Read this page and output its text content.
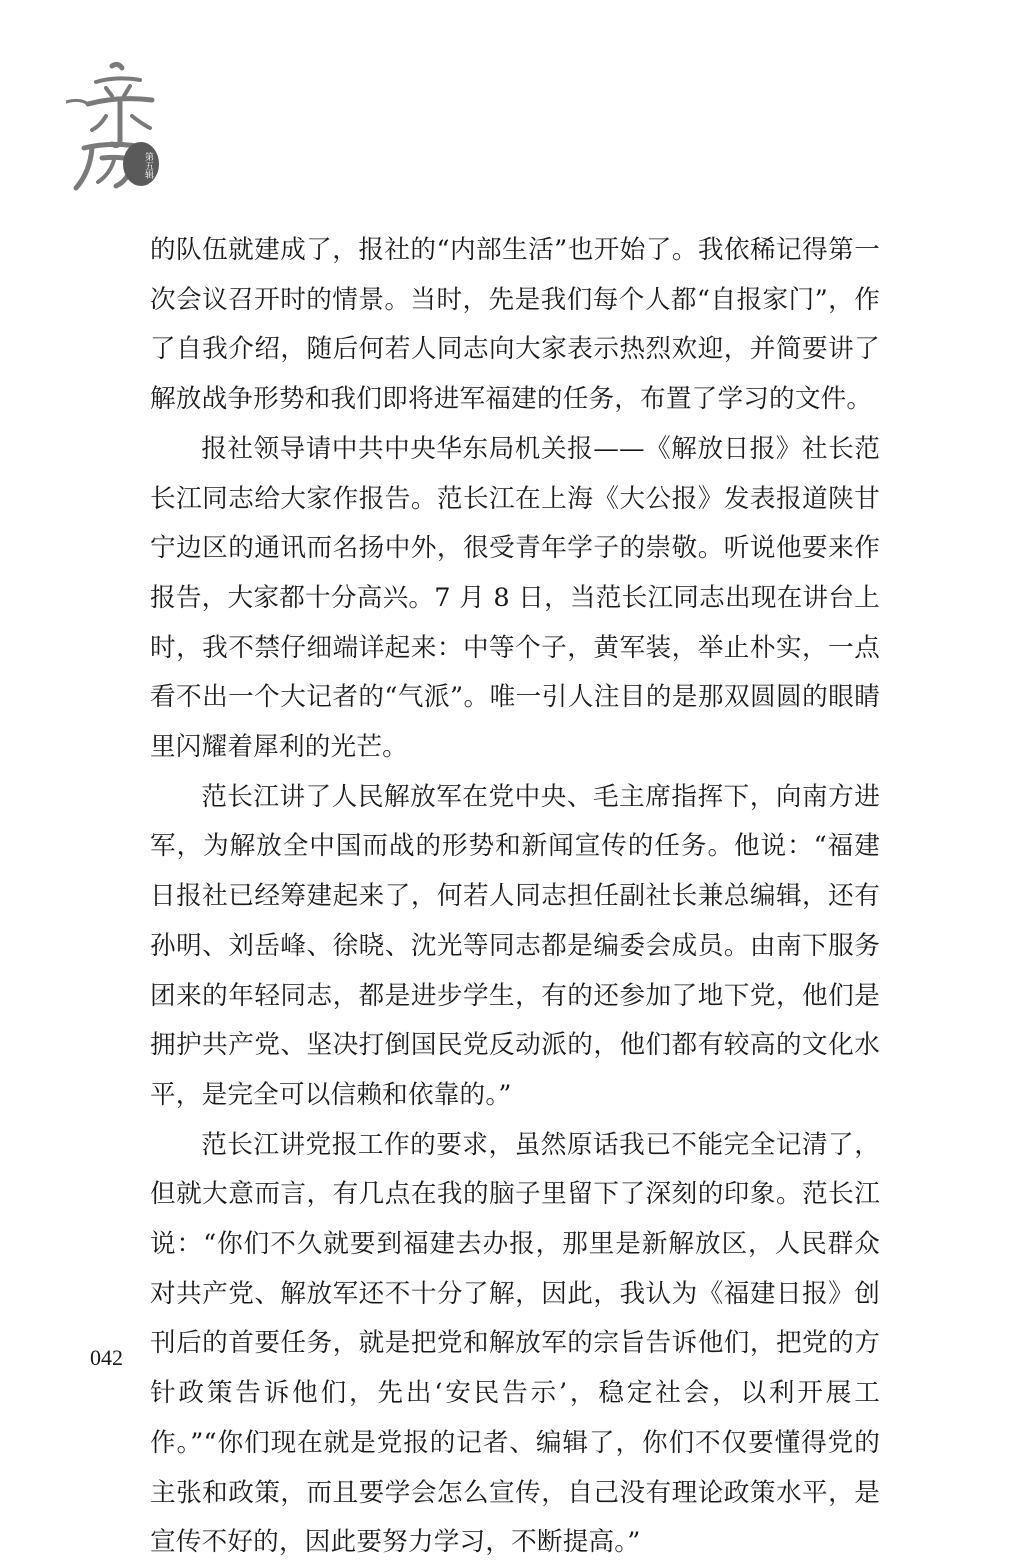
第五辑

的队伍就建成了，报社的“内部生活”也开始了。我依稀记得第一次会议召开时的情景。当时，先是我们每个人都“自报家门”，作了自我介绍，随后何若人同志向大家表示热烈欢迎，并简要讲了解放战争形势和我们即将进军福建的任务，布置了学习的文件。

报社领导请中共中央华东局机关报——《解放日报》社长范长江同志给大家作报告。范长江在上海《大公报》发表报道陕甘宁边区的通讯而名扬中外，很受青年学子的崇敬。听说他要来作报告，大家都十分高兴。7 月 8 日，当范长江同志出现在讲台上时，我不禁仔细端详起来：中等个子，黄军装，举止朴实，一点看不出一个大记者的“气派”。唯一引人注目的是那双圆圆的眼睛里闪耀着犀利的光芒。

范长江讲了人民解放军在党中央、毛主席指挥下，向南方进军，为解放全中国而战的形势和新闻宣传的任务。他说：“福建日报社已经筹建起来了，何若人同志担任副社长兼总编辑，还有孙明、刘岳峰、徐晓、沈光等同志都是编委会成员。由南下服务团来的年轻同志，都是进步学生，有的还参加了地下党，他们是拥护共产党、坚决打倒国民党反动派的，他们都有较高的文化水平，是完全可以信赖和依靠的。”

范长江讲党报工作的要求，虽然原话我已不能完全记清了，但就大意而言，有几点在我的脑子里留下了深刻的印象。范长江说：“你们不久就要到福建去办报，那里是新解放区，人民群众对共产党、解放军还不十分了解，因此，我认为《福建日报》创刊后的首要任务，就是把党和解放军的宗旨告诉他们，把党的方针政策告诉他们，先出‘安民告示’，稳定社会，以利开展工作。”“你们现在就是党报的记者、编辑了，你们不仅要懂得党的主张和政策，而且要学会怎么宣传，自己没有理论政策水平，是宣传不好的，因此要努力学习，不断提高。”

042
